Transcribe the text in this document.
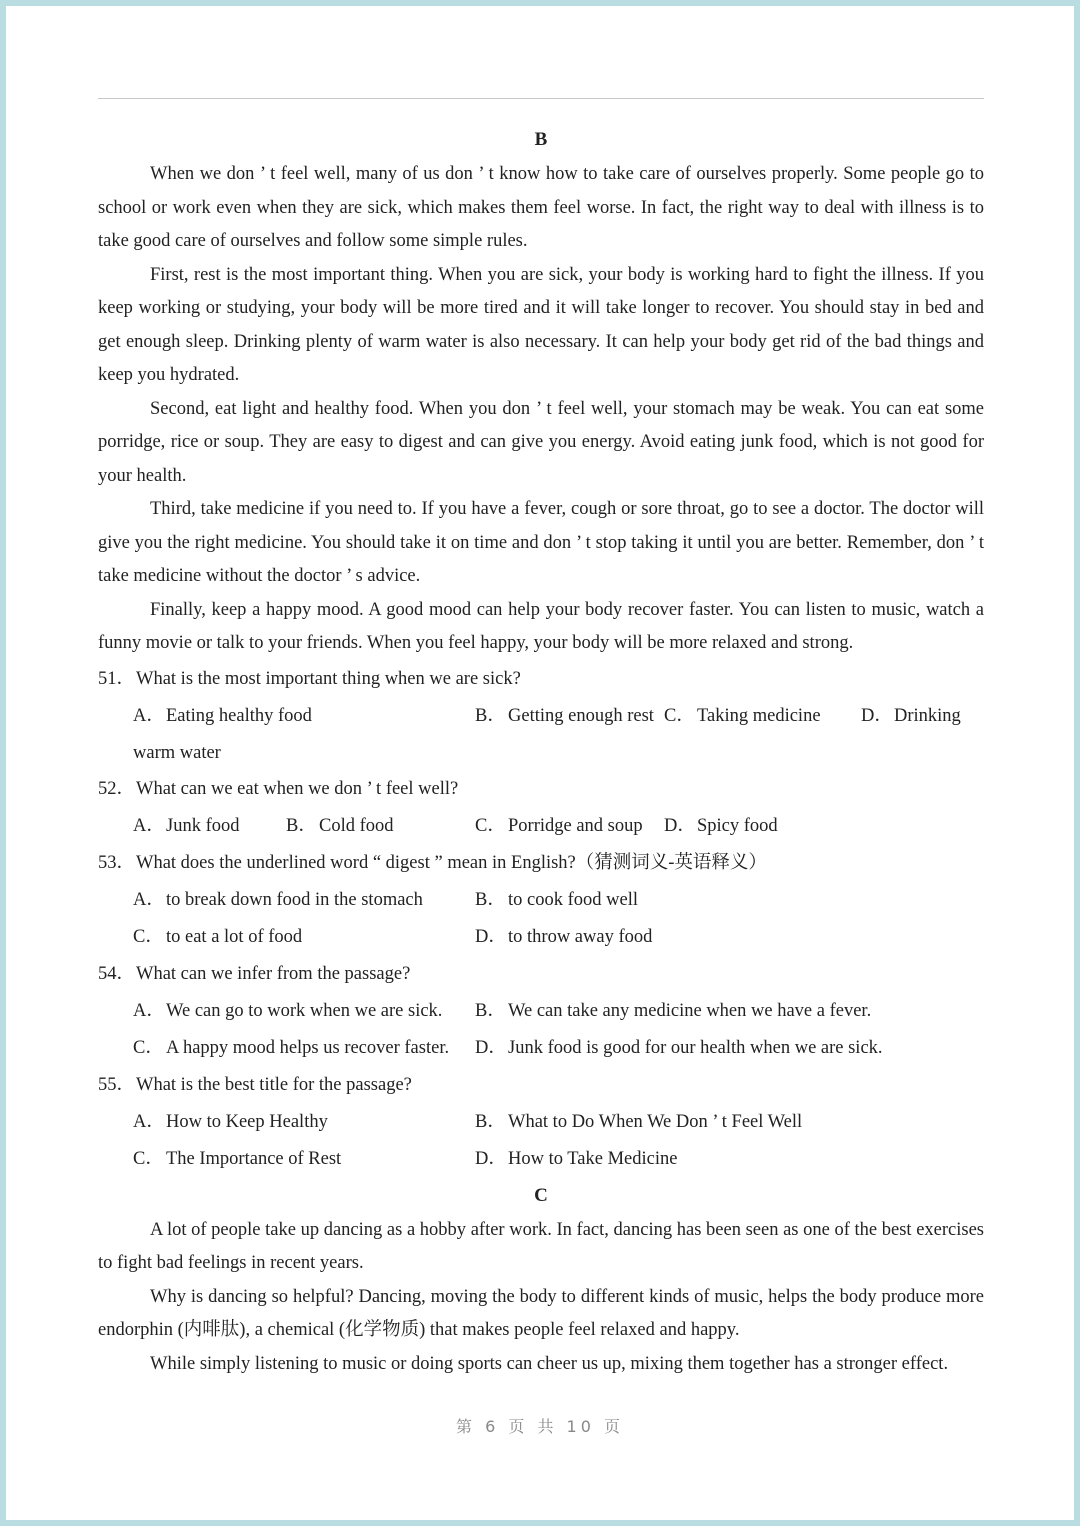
B

When we don ’ t feel well, many of us don ’ t know how to take care of ourselves properly. Some people go to school or work even when they are sick, which makes them feel worse. In fact, the right way to deal with illness is to take good care of ourselves and follow some simple rules.

First, rest is the most important thing. When you are sick, your body is working hard to fight the illness. If you keep working or studying, your body will be more tired and it will take longer to recover. You should stay in bed and get enough sleep. Drinking plenty of warm water is also necessary. It can help your body get rid of the bad things and keep you hydrated.

Second, eat light and healthy food. When you don ’ t feel well, your stomach may be weak. You can eat some porridge, rice or soup. They are easy to digest and can give you energy. Avoid eating junk food, which is not good for your health.

Third, take medicine if you need to. If you have a fever, cough or sore throat, go to see a doctor. The doctor will give you the right medicine. You should take it on time and don ’ t stop taking it until you are better. Remember, don ’ t take medicine without the doctor ’ s advice.

Finally, keep a happy mood. A good mood can help your body recover faster. You can listen to music, watch a funny movie or talk to your friends. When you feel happy, your body will be more relaxed and strong.

51．What is the most important thing when we are sick?
A．Eating healthy food	B． Getting enough rest C． Taking medicine D．Drinking
warm water
52．What can we eat when we don ’ t feel well?
A．Junk food	B． Cold food	C． Porridge and soup D．Spicy food
53．What does the underlined word “ digest ” mean in English?（猜测词义-英语释义）
A．to break down food in the stomach	B． to cook food well
C． to eat a lot of food	D．to throw away food
54．What can we infer from the passage?
A．We can go to work when we are sick. B． We can take any medicine when we have a fever.
C． A happy mood helps us recover faster. D．Junk food is good for our health when we are sick.
55．What is the best title for the passage?
A．How to Keep Healthy	B． What to Do When We Don ’ t Feel Well
C． The Importance of Rest	D．How to Take Medicine
C

A lot of people take up dancing as a hobby after work. In fact, dancing has been seen as one of the best exercises to fight bad feelings in recent years.

Why is dancing so helpful? Dancing, moving the body to different kinds of music, helps the body produce more endorphin (内啡肽), a chemical (化学物质) that makes people feel relaxed and happy.

While simply listening to music or doing sports can cheer us up, mixing them together has a stronger effect.

第 6 页 共 10 页
